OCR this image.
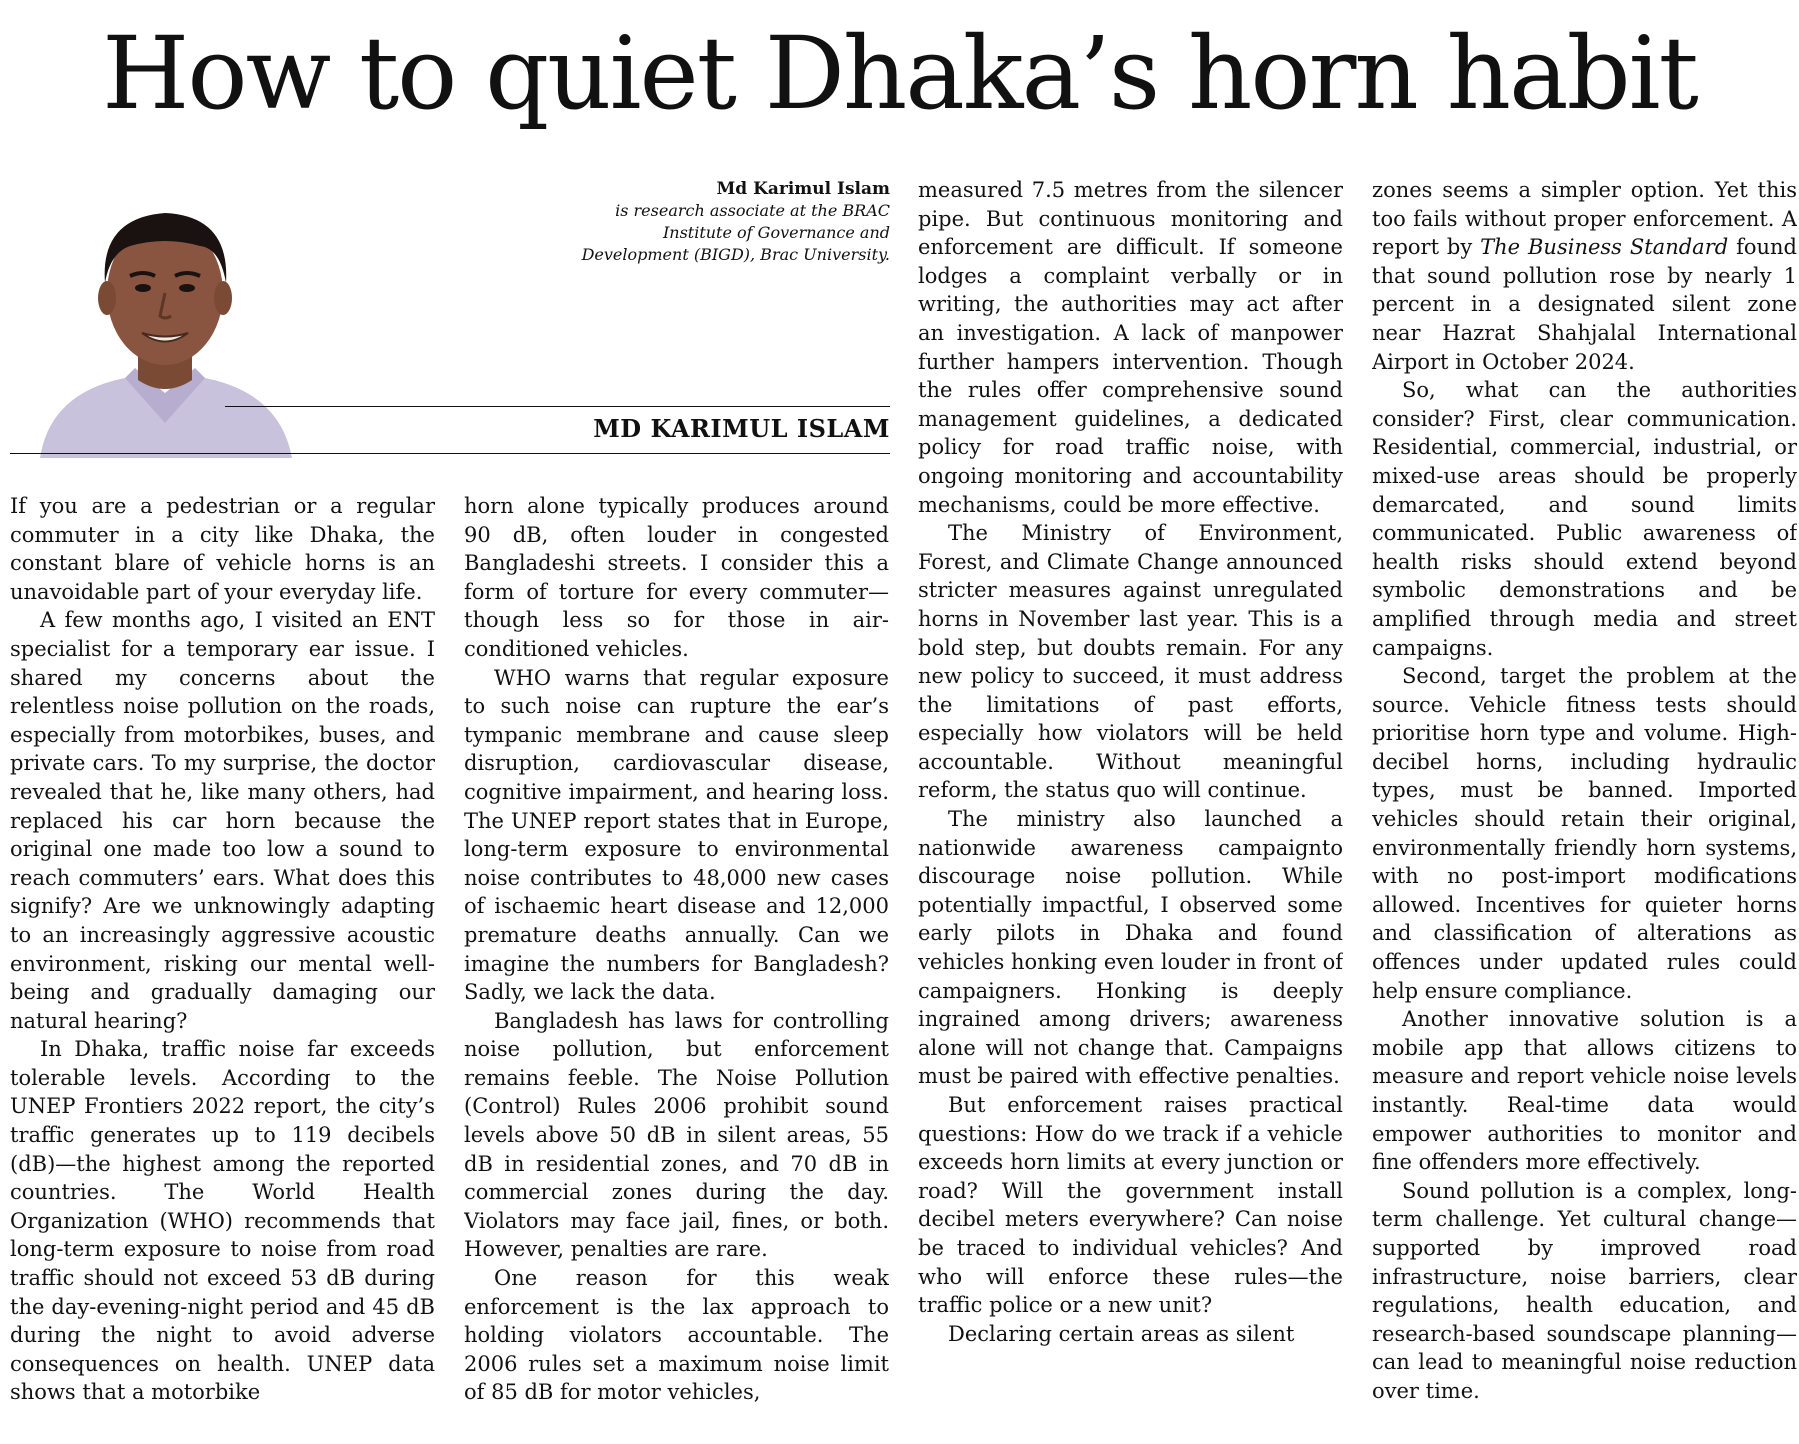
How to quiet Dhaka’s horn habit
Md Karimul Islam
is research associate at the BRAC
Institute of Governance and
Development (BIGD), Brac University.
MD KARIMUL ISLAM

If you are a pedestrian or a regular commuter in a city like Dhaka, the constant blare of vehicle horns is an unavoidable part of your everyday life.

A few months ago, I visited an ENT specialist for a temporary ear issue. I shared my concerns about the relentless noise pollution on the roads, especially from motorbikes, buses, and private cars. To my surprise, the doctor revealed that he, like many others, had replaced his car horn because the original one made too low a sound to reach commuters’ ears. What does this signify? Are we unknowingly adapting to an increasingly aggressive acoustic environment, risking our mental well-being and gradually damaging our natural hearing?

In Dhaka, traffic noise far exceeds tolerable levels. According to the UNEP Frontiers 2022 report, the city’s traffic generates up to 119 decibels (dB)—the highest among the reported countries. The World Health Organization (WHO) recommends that long-term exposure to noise from road traffic should not exceed 53 dB during the day-evening-night period and 45 dB during the night to avoid adverse consequences on health. UNEP data shows that a motorbike

horn alone typically produces around 90 dB, often louder in congested Bangladeshi streets. I consider this a form of torture for every commuter—though less so for those in air-conditioned vehicles.

WHO warns that regular exposure to such noise can rupture the ear’s tympanic membrane and cause sleep disruption, cardiovascular disease, cognitive impairment, and hearing loss. The UNEP report states that in Europe, long-term exposure to environmental noise contributes to 48,000 new cases of ischaemic heart disease and 12,000 premature deaths annually. Can we imagine the numbers for Bangladesh? Sadly, we lack the data.

Bangladesh has laws for controlling noise pollution, but enforcement remains feeble. The Noise Pollution (Control) Rules 2006 prohibit sound levels above 50 dB in silent areas, 55 dB in residential zones, and 70 dB in commercial zones during the day. Violators may face jail, fines, or both. However, penalties are rare.

One reason for this weak enforcement is the lax approach to holding violators accountable. The 2006 rules set a maximum noise limit of 85 dB for motor vehicles,

measured 7.5 metres from the silencer pipe. But continuous monitoring and enforcement are difficult. If someone lodges a complaint verbally or in writing, the authorities may act after an investigation. A lack of manpower further hampers intervention. Though the rules offer comprehensive sound management guidelines, a dedicated policy for road traffic noise, with ongoing monitoring and accountability mechanisms, could be more effective.

The Ministry of Environment, Forest, and Climate Change announced stricter measures against unregulated horns in November last year. This is a bold step, but doubts remain. For any new policy to succeed, it must address the limitations of past efforts, especially how violators will be held accountable. Without meaningful reform, the status quo will continue.

The ministry also launched a nationwide awareness campaignto discourage noise pollution. While potentially impactful, I observed some early pilots in Dhaka and found vehicles honking even louder in front of campaigners. Honking is deeply ingrained among drivers; awareness alone will not change that. Campaigns must be paired with effective penalties.

But enforcement raises practical questions: How do we track if a vehicle exceeds horn limits at every junction or road? Will the government install decibel meters everywhere? Can noise be traced to individual vehicles? And who will enforce these rules—the traffic police or a new unit?

Declaring certain areas as silent

zones seems a simpler option. Yet this too fails without proper enforcement. A report by The Business Standard found that sound pollution rose by nearly 1 percent in a designated silent zone near Hazrat Shahjalal International Airport in October 2024.

So, what can the authorities consider? First, clear communication. Residential, commercial, industrial, or mixed-use areas should be properly demarcated, and sound limits communicated. Public awareness of health risks should extend beyond symbolic demonstrations and be amplified through media and street campaigns.

Second, target the problem at the source. Vehicle fitness tests should prioritise horn type and volume. High-decibel horns, including hydraulic types, must be banned. Imported vehicles should retain their original, environmentally friendly horn systems, with no post-import modifications allowed. Incentives for quieter horns and classification of alterations as offences under updated rules could help ensure compliance.

Another innovative solution is a mobile app that allows citizens to measure and report vehicle noise levels instantly. Real-time data would empower authorities to monitor and fine offenders more effectively.

Sound pollution is a complex, long-term challenge. Yet cultural change—supported by improved road infrastructure, noise barriers, clear regulations, health education, and research-based soundscape planning—can lead to meaningful noise reduction over time.
